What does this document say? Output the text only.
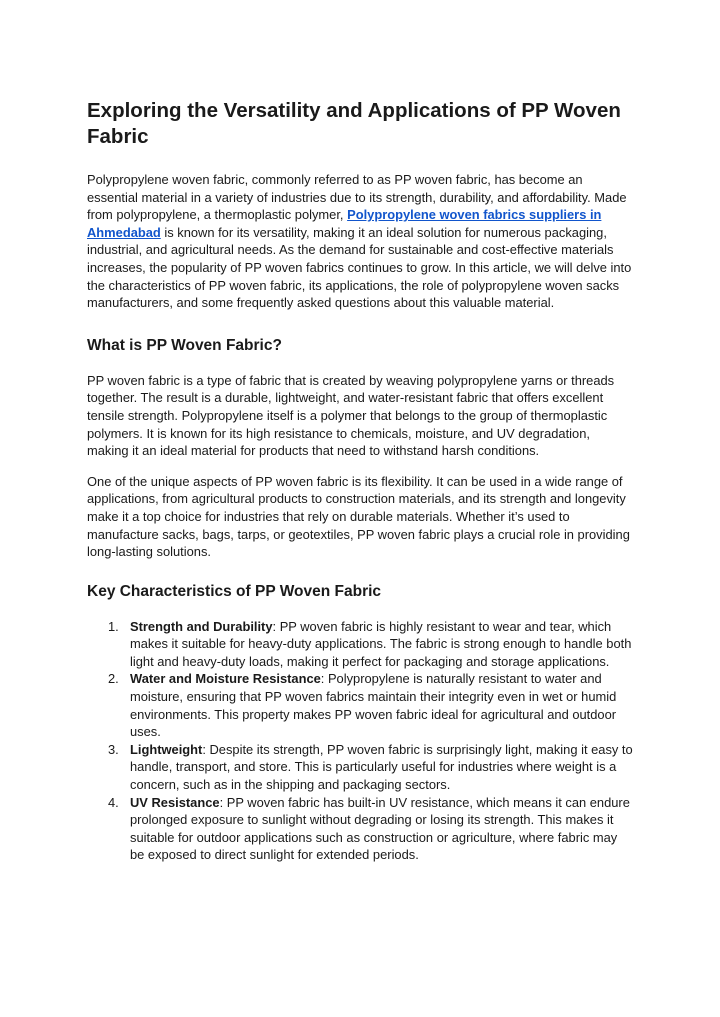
Exploring the Versatility and Applications of PP Woven Fabric

Polypropylene woven fabric, commonly referred to as PP woven fabric, has become an essential material in a variety of industries due to its strength, durability, and affordability. Made from polypropylene, a thermoplastic polymer, Polypropylene woven fabrics suppliers in Ahmedabad is known for its versatility, making it an ideal solution for numerous packaging, industrial, and agricultural needs. As the demand for sustainable and cost-effective materials increases, the popularity of PP woven fabrics continues to grow. In this article, we will delve into the characteristics of PP woven fabric, its applications, the role of polypropylene woven sacks manufacturers, and some frequently asked questions about this valuable material.

What is PP Woven Fabric?

PP woven fabric is a type of fabric that is created by weaving polypropylene yarns or threads together. The result is a durable, lightweight, and water-resistant fabric that offers excellent tensile strength. Polypropylene itself is a polymer that belongs to the group of thermoplastic polymers. It is known for its high resistance to chemicals, moisture, and UV degradation, making it an ideal material for products that need to withstand harsh conditions.

One of the unique aspects of PP woven fabric is its flexibility. It can be used in a wide range of applications, from agricultural products to construction materials, and its strength and longevity make it a top choice for industries that rely on durable materials. Whether it’s used to manufacture sacks, bags, tarps, or geotextiles, PP woven fabric plays a crucial role in providing long-lasting solutions.

Key Characteristics of PP Woven Fabric
1. Strength and Durability: PP woven fabric is highly resistant to wear and tear, which makes it suitable for heavy-duty applications. The fabric is strong enough to handle both light and heavy-duty loads, making it perfect for packaging and storage applications.
2. Water and Moisture Resistance: Polypropylene is naturally resistant to water and moisture, ensuring that PP woven fabrics maintain their integrity even in wet or humid environments. This property makes PP woven fabric ideal for agricultural and outdoor uses.
3. Lightweight: Despite its strength, PP woven fabric is surprisingly light, making it easy to handle, transport, and store. This is particularly useful for industries where weight is a concern, such as in the shipping and packaging sectors.
4. UV Resistance: PP woven fabric has built-in UV resistance, which means it can endure prolonged exposure to sunlight without degrading or losing its strength. This makes it suitable for outdoor applications such as construction or agriculture, where fabric may be exposed to direct sunlight for extended periods.
